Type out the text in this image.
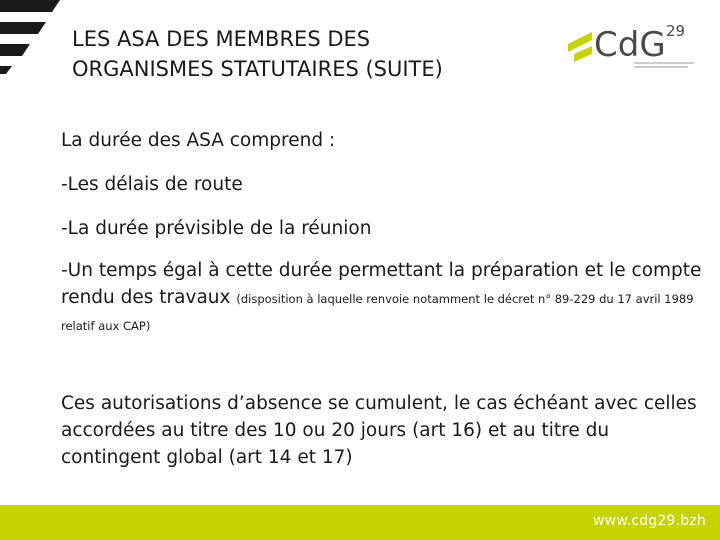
LES ASA DES MEMBRES DES
ORGANISMES STATUTAIRES (SUITE)
CdG 29

La durée des ASA comprend :

-Les délais de route

-La durée prévisible de la réunion

-Un temps égal à cette durée permettant la préparation et le compte rendu des travaux (disposition à laquelle renvoie notamment le décret n° 89-229 du 17 avril 1989 relatif aux CAP)

Ces autorisations d’absence se cumulent, le cas échéant avec celles accordées au titre des 10 ou 20 jours (art 16) et au titre du contingent global (art 14 et 17)

www.cdg29.bzh
